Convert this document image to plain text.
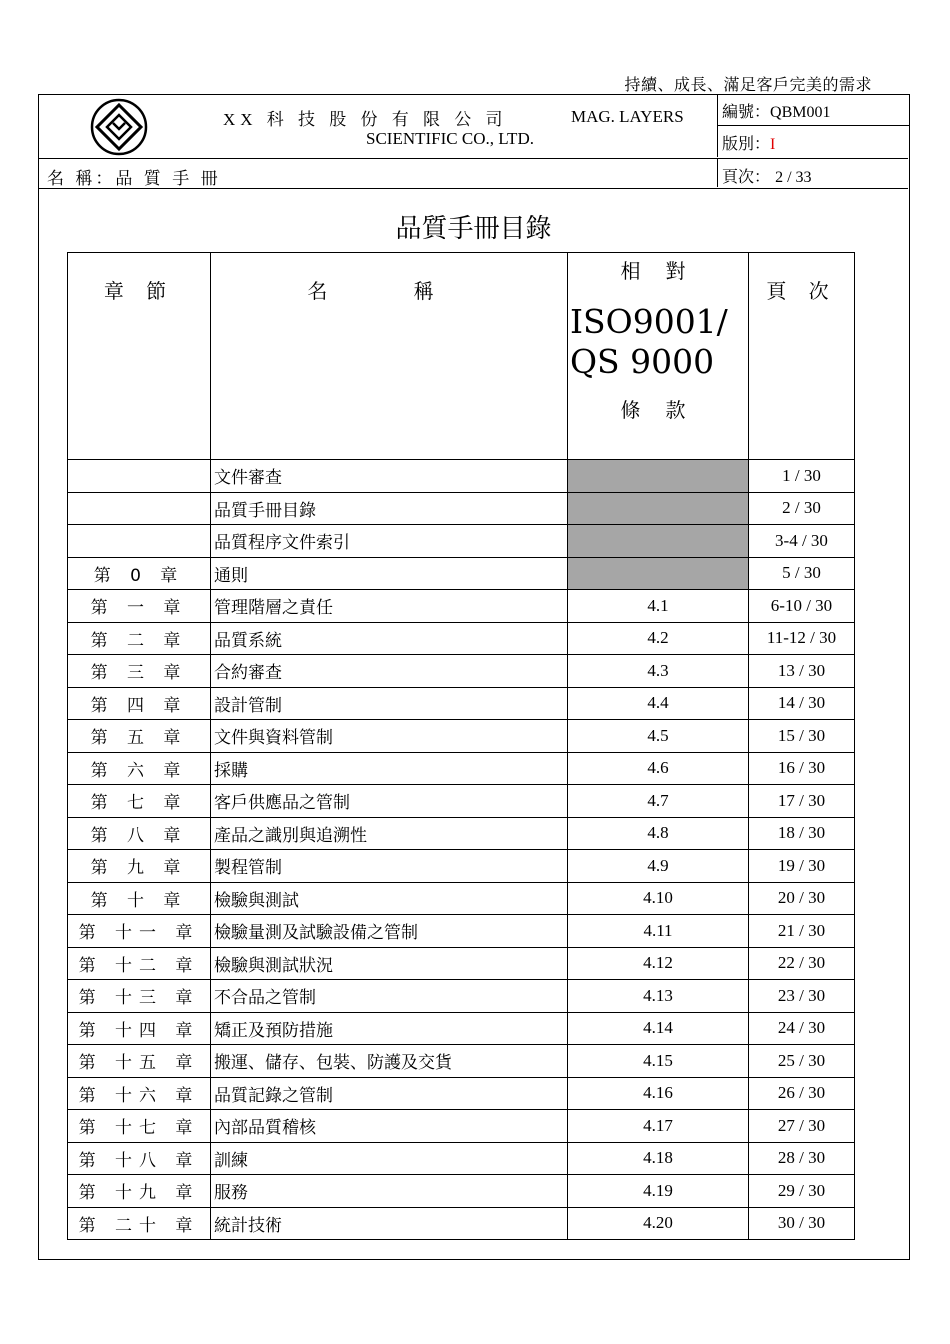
持續、成長、滿足客戶完美的需求
XX 科 技 股 份 有 限 公 司
SCIENTIFIC CO., LTD.
MAG. LAYERS 編號：QBM001
版別：I
名 稱：品 質 手 冊	頁次： 2 / 33
品質手冊目錄
章 節	名 稱	相 對
ISO9001/
QS 9000
條 款	頁 次
	文件審查		1 / 30
	品質手冊目錄		2 / 30
	品質程序文件索引		3-4 / 30
第 0 章	通則		5 / 30
第 一 章	管理階層之責任	4.1	6-10 / 30
第 二 章	品質系統	4.2	11-12 / 30
第 三 章	合約審查	4.3	13 / 30
第 四 章	設計管制	4.4	14 / 30
第 五 章	文件與資料管制	4.5	15 / 30
第 六 章	採購	4.6	16 / 30
第 七 章	客戶供應品之管制	4.7	17 / 30
第 八 章	產品之識別與追溯性	4.8	18 / 30
第 九 章	製程管制	4.9	19 / 30
第 十 章	檢驗與測試	4.10	20 / 30
第 十一 章	檢驗量測及試驗設備之管制	4.11	21 / 30
第 十二 章	檢驗與測試狀況	4.12	22 / 30
第 十三 章	不合品之管制	4.13	23 / 30
第 十四 章	矯正及預防措施	4.14	24 / 30
第 十五 章	搬運、儲存、包裝、防護及交貨	4.15	25 / 30
第 十六 章	品質記錄之管制	4.16	26 / 30
第 十七 章	內部品質稽核	4.17	27 / 30
第 十八 章	訓練	4.18	28 / 30
第 十九 章	服務	4.19	29 / 30
第 二十 章	統計技術	4.20	30 / 30
